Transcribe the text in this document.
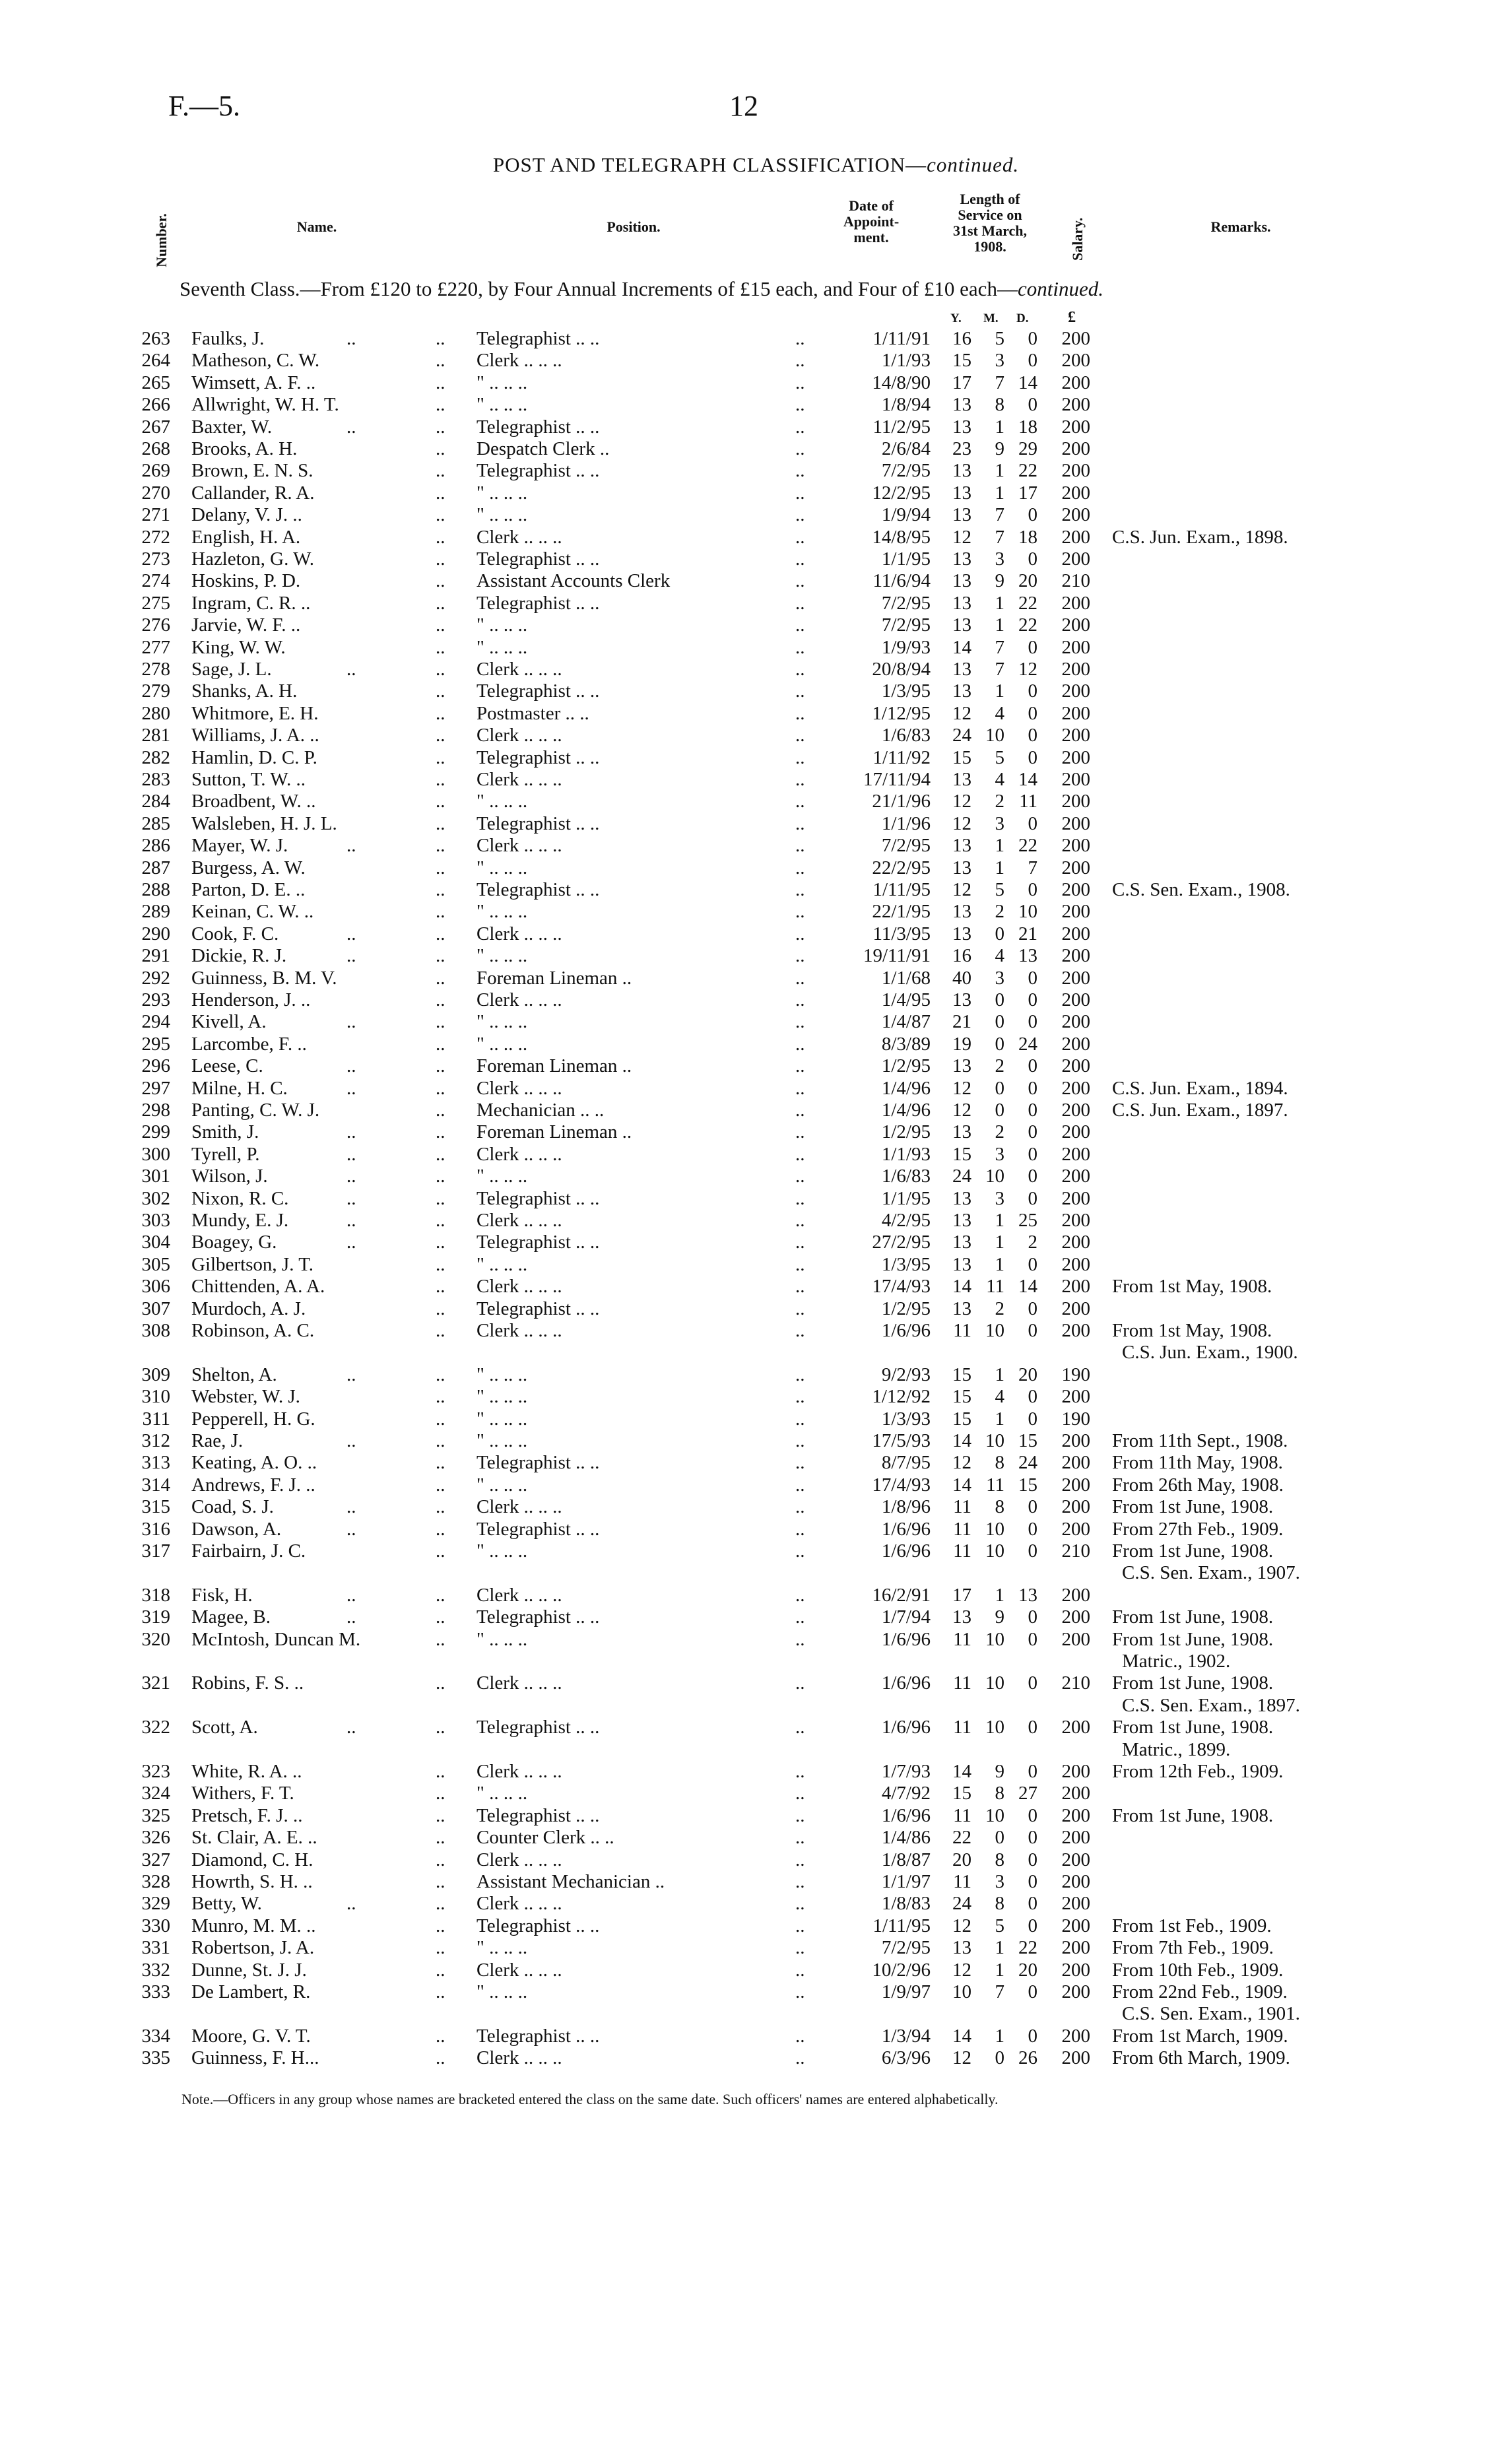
F.—5.	12
POST AND TELEGRAPH CLASSIFICATION—continued.
Number.	Name.	Position.
Date of
Appoint-
ment.
Length of
Service on
31st March,
1908.	Salary.	Remarks.
Seventh Class.—From £120 to £220, by Four Annual Increments of £15 each, and Four of £10 each—continued.
Y. M. D. £
263 Faulks, J.	..	.. Telegraphist .. ..	..	1/11/91	16	5	0	200
264 Matheson, C. W.	.. Clerk .. .. ..	..	1/1/93	15	3	0	200
265 Wimsett, A. F. ..	.. " .. .. ..	..	14/8/90	17	7 14	200
266 Allwright, W. H. T.	.. " .. .. ..	..	1/8/94	13	8	0	200
267 Baxter, W.	..	.. Telegraphist .. ..	..	11/2/95	13	1 18	200
268 Brooks, A. H.	.. Despatch Clerk ..	..	2/6/84	23	9 29	200
269 Brown, E. N. S.	.. Telegraphist .. ..	..	7/2/95	13	1 22	200
270 Callander, R. A.	.. " .. .. ..	..	12/2/95	13	1 17	200
271 Delany, V. J. ..	.. " .. .. ..	..	1/9/94	13	7	0	200
272 English, H. A.	.. Clerk .. .. ..	..	14/8/95	12	7 18	200 C.S. Jun. Exam., 1898.
273 Hazleton, G. W.	.. Telegraphist .. ..	..	1/1/95	13	3	0	200
274 Hoskins, P. D.	.. Assistant Accounts Clerk	..	11/6/94	13	9 20	210
275 Ingram, C. R. ..	.. Telegraphist .. ..	..	7/2/95	13	1 22	200
276 Jarvie, W. F. ..	.. " .. .. ..	..	7/2/95	13	1 22	200
277 King, W. W.	.. " .. .. ..	..	1/9/93	14	7	0	200
278 Sage, J. L.	..	.. Clerk .. .. ..	..	20/8/94	13	7 12	200
279 Shanks, A. H.	.. Telegraphist .. ..	..	1/3/95	13	1	0	200
280 Whitmore, E. H.	.. Postmaster .. ..	..	1/12/95	12	4	0	200
281 Williams, J. A. ..	.. Clerk .. .. ..	..	1/6/83	24 10	0	200
282 Hamlin, D. C. P.	.. Telegraphist .. ..	..	1/11/92	15	5	0	200
283 Sutton, T. W. ..	.. Clerk .. .. ..	..	17/11/94	13	4 14	200
284 Broadbent, W. ..	.. " .. .. ..	..	21/1/96	12	2 11	200
285 Walsleben, H. J. L.	.. Telegraphist .. ..	..	1/1/96	12	3	0	200
286 Mayer, W. J.	..	.. Clerk .. .. ..	..	7/2/95	13	1 22	200
287 Burgess, A. W.	.. " .. .. ..	..	22/2/95	13	1	7	200
288 Parton, D. E. ..	.. Telegraphist .. ..	..	1/11/95	12	5	0	200 C.S. Sen. Exam., 1908.
289 Keinan, C. W. ..	.. " .. .. ..	..	22/1/95	13	2 10	200
290 Cook, F. C.	..	.. Clerk .. .. ..	..	11/3/95	13	0 21	200
291 Dickie, R. J.	..	.. " .. .. ..	..	19/11/91	16	4 13	200
292 Guinness, B. M. V.	.. Foreman Lineman ..	..	1/1/68	40	3	0	200
293 Henderson, J. ..	.. Clerk .. .. ..	..	1/4/95	13	0	0	200
294 Kivell, A.	..	.. " .. .. ..	..	1/4/87	21	0	0	200
295 Larcombe, F. ..	.. " .. .. ..	..	8/3/89	19	0 24	200
296 Leese, C.	..	.. Foreman Lineman ..	..	1/2/95	13	2	0	200
297 Milne, H. C.	..	.. Clerk .. .. ..	..	1/4/96	12	0	0	200 C.S. Jun. Exam., 1894.
298 Panting, C. W. J.	.. Mechanician .. ..	..	1/4/96	12	0	0	200 C.S. Jun. Exam., 1897.
299 Smith, J.	..	.. Foreman Lineman ..	..	1/2/95	13	2	0	200
300 Tyrell, P.	..	.. Clerk .. .. ..	..	1/1/93	15	3	0	200
301 Wilson, J.	..	.. " .. .. ..	..	1/6/83	24 10	0	200
302 Nixon, R. C.	..	.. Telegraphist .. ..	..	1/1/95	13	3	0	200
303 Mundy, E. J.	..	.. Clerk .. .. ..	..	4/2/95	13	1 25	200
304 Boagey, G.	..	.. Telegraphist .. ..	..	27/2/95	13	1	2	200
305 Gilbertson, J. T.	.. " .. .. ..	..	1/3/95	13	1	0	200
306 Chittenden, A. A.	.. Clerk .. .. ..	..	17/4/93	14 11 14	200 From 1st May, 1908.
307 Murdoch, A. J.	.. Telegraphist .. ..	..	1/2/95	13	2	0	200
308 Robinson, A. C.	.. Clerk .. .. ..	..	1/6/96	11 10	0	200 From 1st May, 1908.
C.S. Jun. Exam., 1900.
309 Shelton, A.	..	.. " .. .. ..	..	9/2/93	15	1 20	190
310 Webster, W. J.	.. " .. .. ..	..	1/12/92	15	4	0	200
311 Pepperell, H. G.	.. " .. .. ..	..	1/3/93	15	1	0	190
312 Rae, J.	..	.. " .. .. ..	..	17/5/93	14 10 15	200 From 11th Sept., 1908.
313 Keating, A. O. ..	.. Telegraphist .. ..	..	8/7/95	12	8 24	200 From 11th May, 1908.
314 Andrews, F. J. ..	.. " .. .. ..	..	17/4/93	14 11 15	200 From 26th May, 1908.
315 Coad, S. J.	..	.. Clerk .. .. ..	..	1/8/96	11	8	0	200 From 1st June, 1908.
316 Dawson, A.	..	.. Telegraphist .. ..	..	1/6/96	11 10	0	200 From 27th Feb., 1909.
317 Fairbairn, J. C.	.. " .. .. ..	..	1/6/96	11 10	0	210 From 1st June, 1908.
C.S. Sen. Exam., 1907.
318 Fisk, H.	..	.. Clerk .. .. ..	..	16/2/91	17	1 13	200
319 Magee, B.	..	.. Telegraphist .. ..	..	1/7/94	13	9	0	200 From 1st June, 1908.
320 McIntosh, Duncan M.	.. " .. .. ..	..	1/6/96	11 10	0	200 From 1st June, 1908.
Matric., 1902.
321 Robins, F. S. ..	.. Clerk .. .. ..	..	1/6/96	11 10	0	210 From 1st June, 1908.
C.S. Sen. Exam., 1897.
322 Scott, A.	..	.. Telegraphist .. ..	..	1/6/96	11 10	0	200 From 1st June, 1908.
Matric., 1899.
323 White, R. A. ..	.. Clerk .. .. ..	..	1/7/93	14	9	0	200 From 12th Feb., 1909.
324 Withers, F. T.	.. " .. .. ..	..	4/7/92	15	8 27	200
325 Pretsch, F. J. ..	.. Telegraphist .. ..	..	1/6/96	11 10	0	200 From 1st June, 1908.
326 St. Clair, A. E. ..	.. Counter Clerk .. ..	..	1/4/86	22	0	0	200
327 Diamond, C. H.	.. Clerk .. .. ..	..	1/8/87	20	8	0	200
328 Howrth, S. H. ..	.. Assistant Mechanician ..	..	1/1/97	11	3	0	200
329 Betty, W.	..	.. Clerk .. .. ..	..	1/8/83	24	8	0	200
330 Munro, M. M. ..	.. Telegraphist .. ..	..	1/11/95	12	5	0	200 From 1st Feb., 1909.
331 Robertson, J. A.	.. " .. .. ..	..	7/2/95	13	1 22	200 From 7th Feb., 1909.
332 Dunne, St. J. J.	.. Clerk .. .. ..	..	10/2/96	12	1 20	200 From 10th Feb., 1909.
333 De Lambert, R.	.. " .. .. ..	..	1/9/97	10	7	0	200 From 22nd Feb., 1909.
C.S. Sen. Exam., 1901.
334 Moore, G. V. T.	.. Telegraphist .. ..	..	1/3/94	14	1	0	200 From 1st March, 1909.
335 Guinness, F. H...	.. Clerk .. .. ..	..	6/3/96	12	0 26	200 From 6th March, 1909.
Note.—Officers in any group whose names are bracketed entered the class on the same date. Such officers' names are entered alphabetically.
